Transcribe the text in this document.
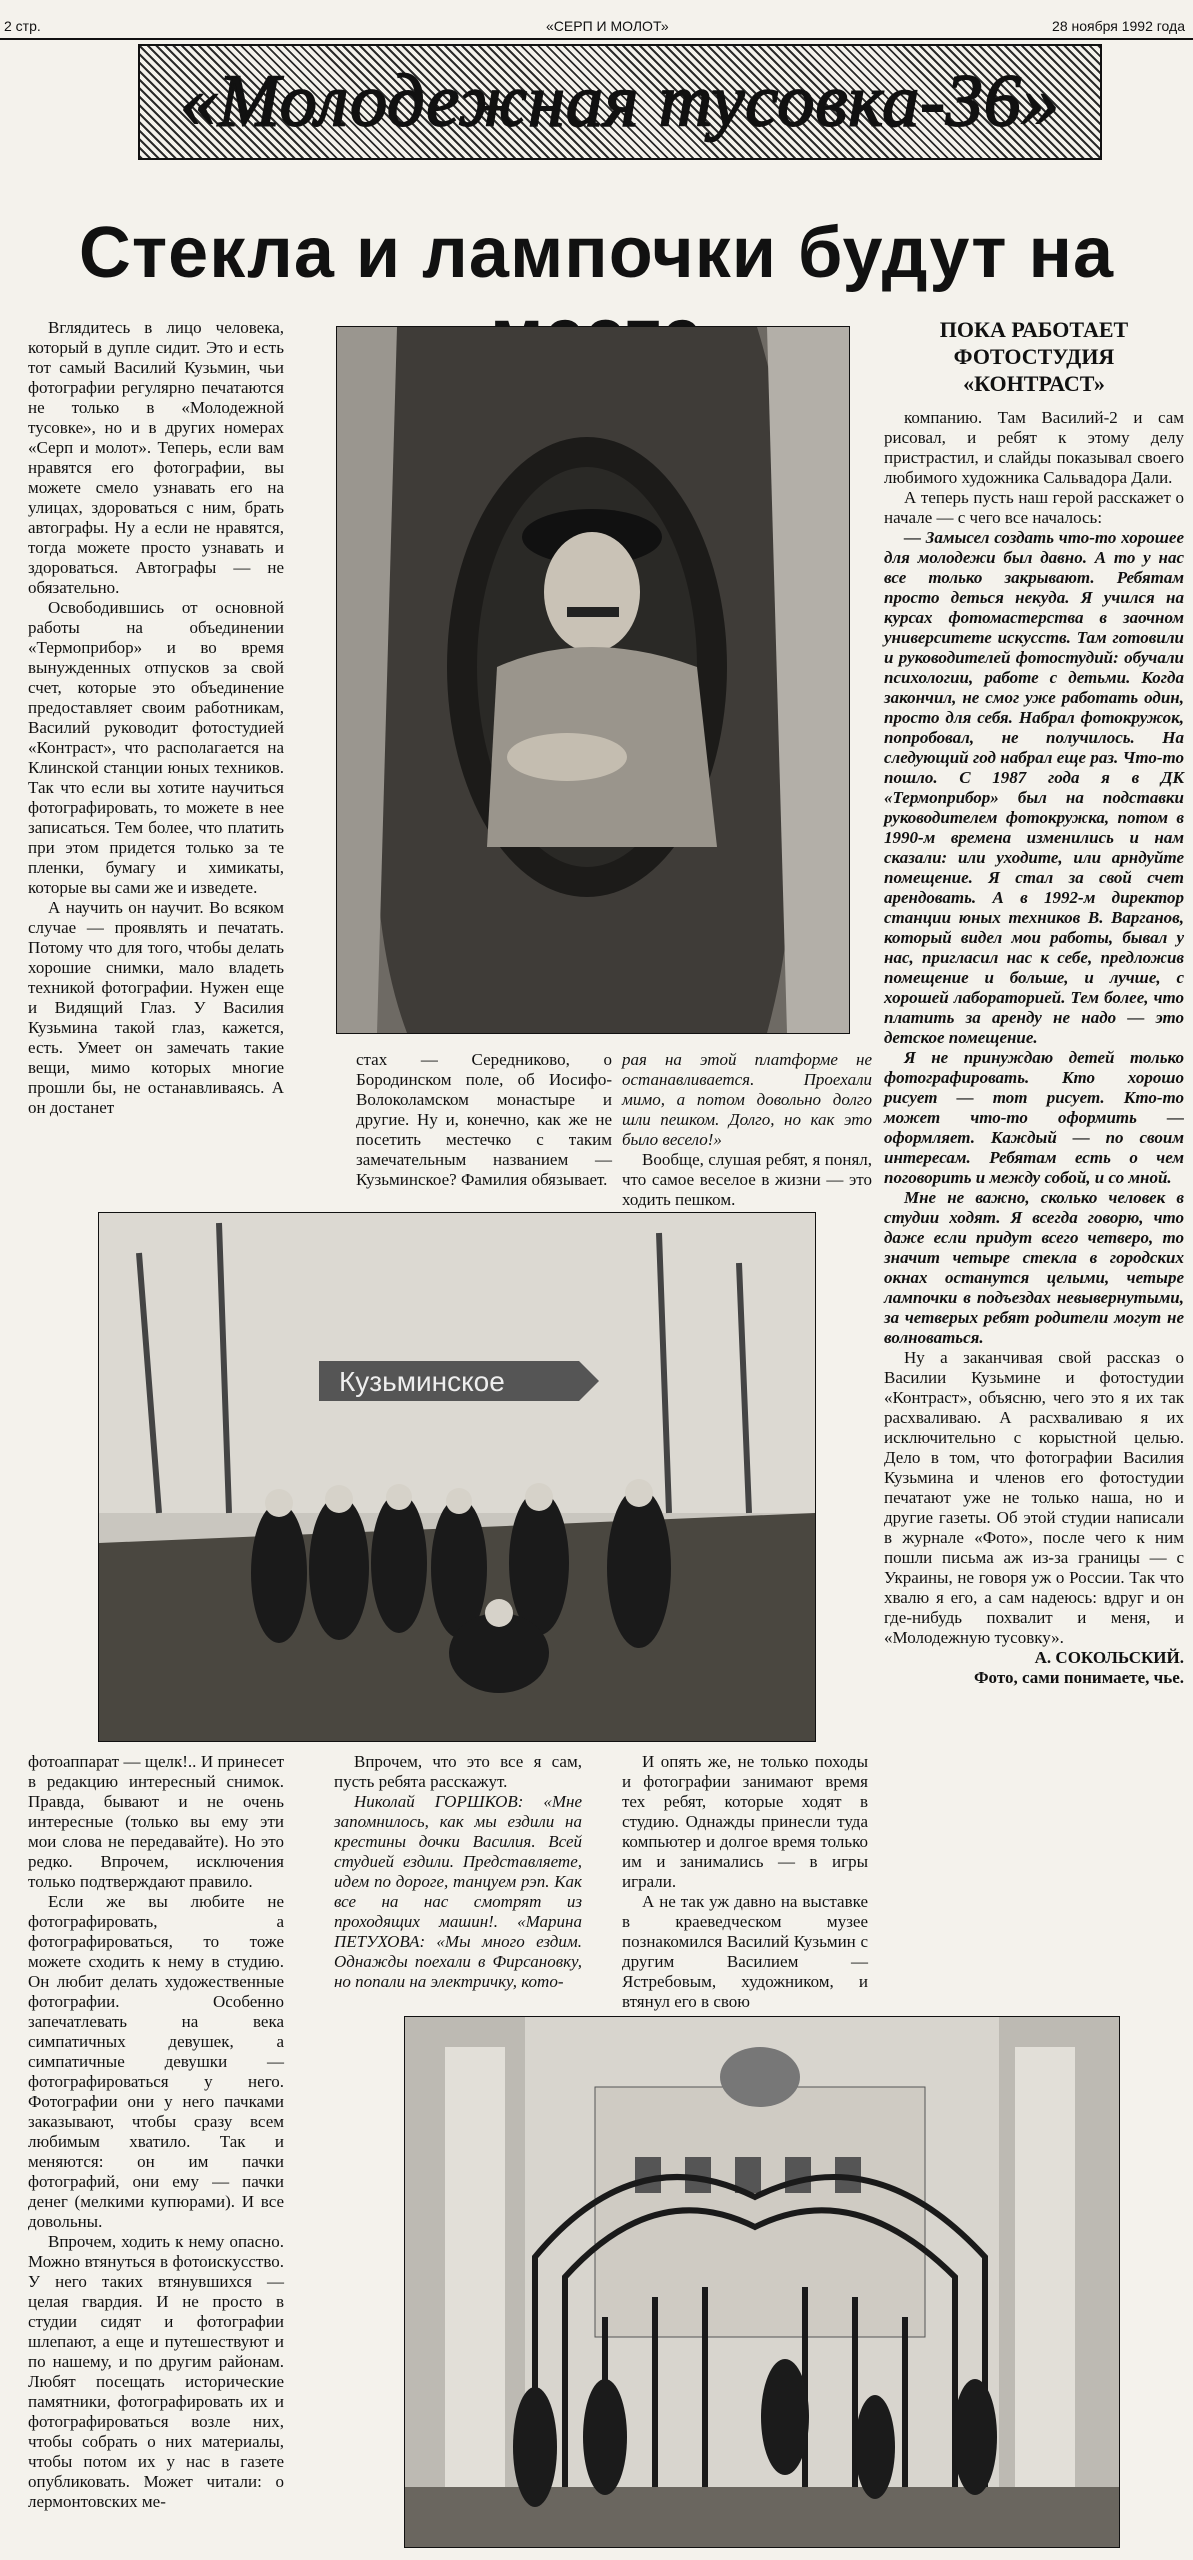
2 стр.	«СЕРП И МОЛОТ»	28 ноября 1992 года
«Молодежная тусовка-36»
Стекла и лампочки будут на

Вглядитесь в лицо человека, который в дупле сидит. Это и есть тот самый Василий Кузьмин, чьи фотографии регулярно печатаются не только в «Молодежной тусовке», но и в других номерах «Серп и молот». Теперь, если вам нравятся его фотографии, вы можете смело узнавать его на улицах, здороваться с ним, брать автографы. Ну а если не нравятся, тогда можете просто узнавать и здороваться. Автографы — не обязательно.

Освободившись от основной работы на объединении «Термоприбор» и во время вынужденных отпусков за свой счет, которые это объединение предоставляет своим работникам, Василий руководит фотостудией «Контраст», что располагается на Клинской станции юных техников. Так что если вы хотите научиться фотографировать, то можете в нее записаться. Тем более, что платить при этом придется только за те пленки, бумагу и химикаты, которые вы сами же и изведете.

А научить он научит. Во всяком случае — проявлять и печатать. Потому что для того, чтобы делать хорошие снимки, мало владеть техникой фотографии. Нужен еще и Видящий Глаз. У Василия Кузьмина такой глаз, кажется, есть. Умеет он замечать такие вещи, мимо которых многие прошли бы, не останавливаясь. А он достанет

ПОКА РАБОТАЕТ
ФОТОСТУДИЯ
«КОНТРАСТ»

компанию. Там Василий-2 и сам рисовал, и ребят к этому делу пристрастил, и слайды показывал своего любимого художника Сальвадора Дали.

А теперь пусть наш герой расскажет о начале — с чего все началось:

— Замысел создать что-то хорошее для молодежи был давно. А то у нас все только закрывают. Ребятам просто деться некуда. Я учился на курсах фотомастерства в заочном университете искусств. Там готовили и руководителей фотостудий: обучали психологии, работе с детьми. Когда закончил, не смог уже работать один, просто для себя. Набрал фотокружок, попробовал, не получилось. На следующий год набрал еще раз. Что-то пошло. С 1987 года я в ДК «Термоприбор» был на подставки руководителем фотокружка, потом в 1990-м времена изменились и нам сказали: или уходите, или арндуйте помещение. Я стал за свой счет арендовать. А в 1992-м директор станции юных техников В. Варганов, который видел мои работы, бывал у нас, пригласил нас к себе, предложив помещение и больше, и лучше, с хорошей лабораторией. Тем более, что платить за аренду не надо — это детское помещение.

Я не принуждаю детей только фотографировать. Кто хорошо рисует — тот рисует. Кто-то может что-то оформить — оформляет. Каждый — по своим интересам. Ребятам есть о чем поговорить и между собой, и со мной.

Мне не важно, сколько человек в студии ходят. Я всегда говорю, что даже если придут всего четверо, то значит четыре стекла в городских окнах останутся целыми, четыре лампочки в подъездах невывернутыми, за четверых ребят родители могут не волноваться.

Ну а заканчивая свой рассказ о Василии Кузьмине и фотостудии «Контраст», объясню, чего это я их так расхваливаю. А расхваливаю я их исключительно с корыстной целью. Дело в том, что фотографии Василия Кузьмина и членов его фотостудии печатают уже не только наша, но и другие газеты. Об этой студии написали в журнале «Фото», после чего к ним пошли письма аж из-за границы — с Украины, не говоря уж о России. Так что хвалю я его, а сам надеюсь: вдруг и он где-нибудь похвалит и меня, и «Молодежную тусовку».

А. СОКОЛЬСКИЙ.
Фото, сами понимаете, чье.

стах — Середниково, о Бородинском поле, об Иосифо-Волоколамском монастыре и другие. Ну и, конечно, как же не посетить местечко с таким замечательным названием — Кузьминское? Фамилия обязывает.

рая на этой платформе не останавливается. Проехали мимо, а потом довольно долго шли пешком. Долго, но как это было весело!»

Вообще, слушая ребят, я понял, что самое веселое в жизни — это ходить пешком.

Кузьминское

фотоаппарат — щелк!.. И принесет в редакцию интересный снимок. Правда, бывают и не очень интересные (только вы ему эти мои слова не передавайте). Но это редко. Впрочем, исключения только подтверждают правило.

Если же вы любите не фотографировать, а фотографироваться, то тоже можете сходить к нему в студию. Он любит делать художественные фотографии. Особенно запечатлевать на века симпатичных девушек, а симпатичные девушки — фотографироваться у него. Фотографии они у него пачками заказывают, чтобы сразу всем любимым хватило. Так и меняются: он им пачки фотографий, они ему — пачки денег (мелкими купюрами). И все довольны.

Впрочем, ходить к нему опасно. Можно втянуться в фотоискусство. У него таких втянувшихся — целая гвардия. И не просто в студии сидят и фотографии шлепают, а еще и путешествуют и по нашему, и по другим районам. Любят посещать исторические памятники, фотографировать их и фотографироваться возле них, чтобы собрать о них материалы, чтобы потом их у нас в газете опубликовать. Может читали: о лермонтовских ме-

Впрочем, что это все я сам, пусть ребята расскажут.

Николай ГОРШКОВ: «Мне запомнилось, как мы ездили на крестины дочки Василия. Всей студией ездили. Представляете, идем по дороге, танцуем рэп. Как все на нас смотрят из проходящих машин!. «Марина ПЕТУХОВА: «Мы много ездим. Однажды поехали в Фирсановку, но попали на электричку, кото-

И опять же, не только походы и фотографии занимают время тех ребят, которые ходят в студию. Однажды принесли туда компьютер и долгое время только им и занимались — в игры играли.

А не так уж давно на выставке в краеведческом музее познакомился Василий Кузьмин с другим Василием — Ястребовым, художником, и втянул его в свою
